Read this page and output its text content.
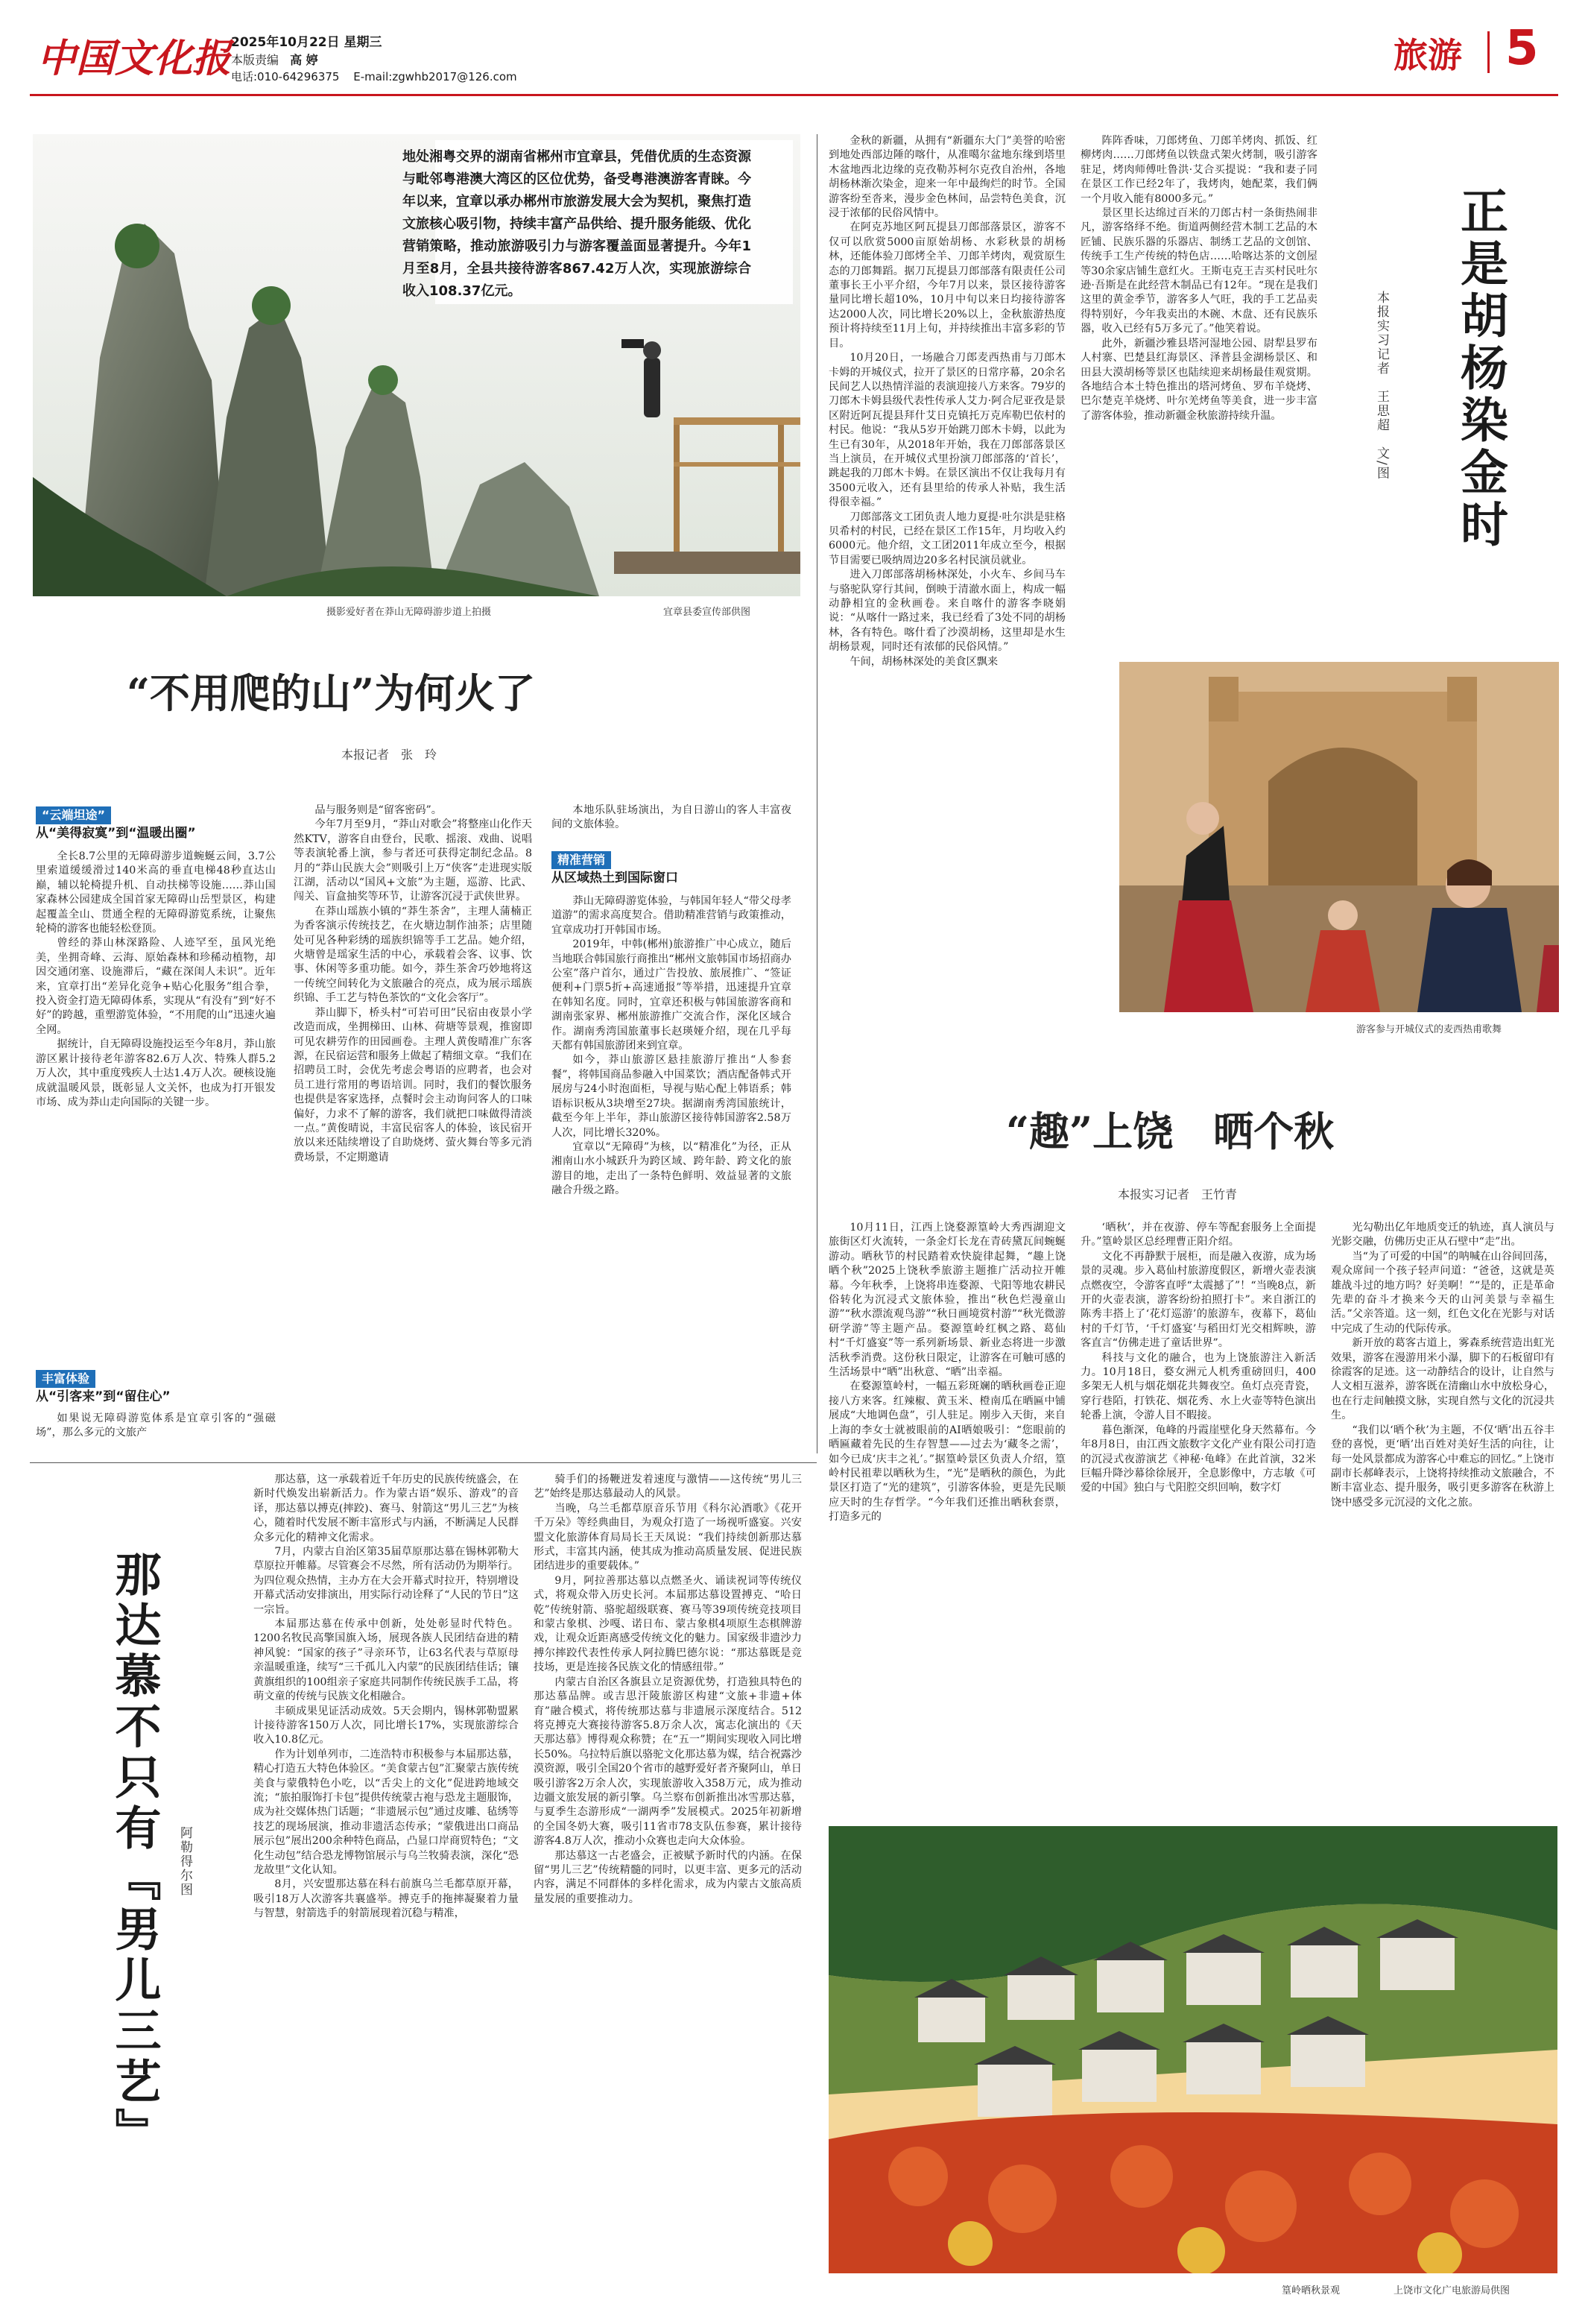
中国文化报 2025年10月22日 星期三
本版责编 高 婷
电话:010-64296375 E-mail:zgwhb2017@126.com
旅游 5
地处湘粤交界的湖南省郴州市宜章县，凭借优质的生态资源与毗邻粤港澳大湾区的区位优势，备受粤港澳游客青睐。今年以来，宜章以承办郴州市旅游发展大会为契机，聚焦打造文旅核心吸引物，持续丰富产品供给、提升服务能级、优化营销策略，推动旅游吸引力与游客覆盖面显著提升。今年1月至8月，全县共接待游客867.42万人次，实现旅游综合收入108.37亿元。
摄影爱好者在莽山无障碍游步道上拍摄	宜章县委宣传部供图
“不用爬的山”为何火了
本报记者　张　玲
“云端坦途”
从“美得寂寞”到“温暖出圈”

全长8.7公里的无障碍游步道蜿蜒云间，3.7公里索道缓缓滑过140米高的垂直电梯48秒直达山巅，辅以轮椅提升机、自动扶梯等设施……莽山国家森林公园建成全国首家无障碍山岳型景区，构建起覆盖全山、贯通全程的无障碍游览系统，让聚焦轮椅的游客也能轻松登顶。

曾经的莽山林深路险、人迹罕至，虽风光绝美，坐拥奇峰、云海、原始森林和珍稀动植物，却因交通闭塞、设施滞后，“藏在深闺人未识”。近年来，宜章打出“差异化竞争+贴心化服务”组合拳，投入资金打造无障碍体系，实现从“有没有”到“好不好”的跨越，重塑游览体验，“不用爬的山”迅速火遍全网。

据统计，自无障碍设施投运至今年8月，莽山旅游区累计接待老年游客82.6万人次、特殊人群5.2万人次，其中重度残疾人士达1.4万人次。硬核设施成就温暖风景，既彰显人文关怀，也成为打开银发市场、成为莽山走向国际的关键一步。

丰富体验
从“引客来”到“留住心”

如果说无障碍游览体系是宜章引客的“强磁场”，那么多元的文旅产

品与服务则是“留客密码”。

今年7月至9月，“莽山对歌会”将整座山化作天然KTV，游客自由登台，民歌、摇滚、戏曲、说唱等表演轮番上演，参与者还可获得定制纪念品。8月的“莽山民族大会”则吸引上万“侠客”走进现实版江湖，活动以“国风+文旅”为主题，巡游、比武、闯关、盲盒抽奖等环节，让游客沉浸于武侠世界。

在莽山瑶族小镇的“莽生茶舍”，主理人蒲楠正为香客演示传统技艺，在火塘边制作油茶；店里随处可见各种彩绣的瑶族织锦等手工艺品。她介绍，火塘曾是瑶家生活的中心，承载着会客、议事、饮事、休闲等多重功能。如今，莽生茶舍巧妙地将这一传统空间转化为文旅融合的亮点，成为展示瑶族织锦、手工艺与特色茶饮的“文化会客厅”。

莽山脚下，桥头村“可岩可田”民宿由夜景小学改造而成，坐拥梯田、山林、荷塘等景观，推窗即可见农耕劳作的田园画卷。主理人黄俊晴准广东客源，在民宿运营和服务上做起了精细文章。“我们在招聘员工时，会优先考虑会粤语的应聘者，也会对员工进行常用的粤语培训。同时，我们的餐饮服务也提供是客家选择，点餐时会主动询问客人的口味偏好，力求不了解的游客，我们就把口味做得清淡一点。”黄俊晴说，丰富民宿客人的体验，该民宿开放以来还陆续增设了自助烧烤、萤火舞台等多元消费场景，不定期邀请

本地乐队驻场演出，为自日游山的客人丰富夜间的文旅体验。

精准营销
从区域热土到国际窗口

莽山无障碍游览体验，与韩国年轻人“带父母孝道游”的需求高度契合。借助精准营销与政策推动，宜章成功打开韩国市场。

2019年，中韩(郴州)旅游推广中心成立，随后当地联合韩国旅行商推出“郴州文旅韩国市场招商办公室”落户首尔，通过广告投放、旅展推广、“签证便利+门票5折+高速通报”等举措，迅速提升宜章在韩知名度。同时，宜章还积极与韩国旅游客商和湖南张家界、郴州旅游推广交流合作，深化区域合作。湖南秀湾国旅董事长赵瑛娅介绍，现在几乎每天都有韩国旅游团来到宜章。

如今，莽山旅游区悬挂旅游厅推出“人参套餐”，将韩国商品参融入中国菜饮；酒店配备韩式开展房与24小时泡面柜，导视与贴心配上韩语系；韩语标识板从3块增至27块。据湖南秀湾国旅统计，截至今年上半年，莽山旅游区接待韩国游客2.58万人次，同比增长320%。

宜章以“无障碍”为核，以“精准化”为径，正从湘南山水小城跃升为跨区域、跨年龄、跨文化的旅游目的地，走出了一条特色鲜明、效益显著的文旅融合升级之路。

金秋的新疆，从拥有“新疆东大门”美誉的哈密到地处西部边陲的喀什，从准噶尔盆地东缘到塔里木盆地西北边缘的克孜勒苏柯尔克孜自治州，各地胡杨林渐次染金，迎来一年中最绚烂的时节。全国游客纷至沓来，漫步金色林间，品尝特色美食，沉浸于浓郁的民俗风情中。

在阿克苏地区阿瓦提县刀郎部落景区，游客不仅可以欣赏5000亩原始胡杨、水彩秋景的胡杨林，还能体验刀郎烤全羊、刀郎羊烤肉，观赏原生态的刀郎舞蹈。据刀瓦提县刀郎部落有限责任公司董事长王小平介绍，今年7月以来，景区接待游客量同比增长超10%，10月中旬以来日均接待游客达2000人次，同比增长20%以上，金秋旅游热度预计将持续至11月上旬，并持续推出丰富多彩的节目。

10月20日，一场融合刀郎麦西热甫与刀郎木卡姆的开城仪式，拉开了景区的日常序幕，20余名民间艺人以热情洋溢的表演迎接八方来客。79岁的刀郎木卡姆县级代表性传承人艾力·阿合尼亚孜是景区附近阿瓦提县拜什艾日克镇托万克库勒巴依村的村民。他说：“我从5岁开始跳刀郎木卡姆，以此为生已有30年，从2018年开始，我在刀郎部落景区当上演员，在开城仪式里扮演刀郎部落的‘首长’，跳起我的刀郎木卡姆。在景区演出不仅让我每月有3500元收入，还有县里给的传承人补贴，我生活得很幸福。”

刀郎部落文工团负责人地力夏提·吐尔洪是驻格贝希村的村民，已经在景区工作15年，月均收入约6000元。他介绍，文工团2011年成立至今，根据节目需要已吸纳周边20多名村民演员就业。

进入刀郎部落胡杨林深处，小火车、乡间马车与骆驼队穿行其间，倒映于清澈水面上，构成一幅动静相宜的金秋画卷。来自喀什的游客李晓娟说：“从喀什一路过来，我已经看了3处不同的胡杨林，各有特色。喀什看了沙漠胡杨，这里却是水生胡杨景观，同时还有浓郁的民俗风情。”

午间，胡杨林深处的美食区飘来

阵阵香味，刀郎烤鱼、刀郎羊烤肉、抓饭、红柳烤肉……刀郎烤鱼以铁盘式架火烤制，吸引游客驻足，烤肉师傅吐鲁洪·艾合买提说：“我和妻子同在景区工作已经2年了，我烤肉，她配菜，我们俩一个月收入能有8000多元。”

景区里长达绵过百米的刀郎古村一条街热闹非凡，游客络绎不绝。街道两侧经营木制工艺品的木匠铺、民族乐器的乐器店、制绣工艺品的文创馆、传统手工生产传统的特色店……哈喀达茶的文创屋等30余家店铺生意红火。王斯屯克王吉买村民吐尔逊·吾斯是在此经营木制品已有12年。“现在是我们这里的黄金季节，游客多人气旺，我的手工艺品卖得特别好，今年我卖出的木碗、木盘、还有民族乐器，收入已经有5万多元了。”他笑着说。

此外，新疆沙雅县塔河湿地公园、尉犁县罗布人村寨、巴楚县红海景区、泽普县金湖杨景区、和田县大漠胡杨等景区也陆续迎来胡杨最佳观赏期。各地结合本土特色推出的塔河烤鱼、罗布羊烧烤、巴尔楚克羊烧烤、叶尔羌烤鱼等美食，进一步丰富了游客体验，推动新疆金秋旅游持续升温。	本报实习记者　王思超　文/图 正是胡杨染金时
游客参与开城仪式的麦西热甫歌舞
“趣”上饶　晒个秋
本报实习记者　王竹青

10月11日，江西上饶婺源篁岭大秀西湖迎文旅街区灯火流转，一条金灯长龙在青砖黛瓦间蜿蜒游动。晒秋节的村民踏着欢快旋律起舞，“趣上饶 晒个秋”2025上饶秋季旅游主题推广活动拉开帷幕。今年秋季，上饶将串连婺源、弋阳等地农耕民俗转化为沉浸式文旅体验，推出“秋色烂漫童山游”“秋水漂流观鸟游”“秋日画境赏村游”“秋光微游研学游”等主题产品。婺源篁岭红枫之路、葛仙村“千灯盛宴”等一系列新场景、新业态将进一步激活秋季消费。这份秋日限定，让游客在可触可感的生活场景中“晒”出秋意、“晒”出幸福。

在婺源篁岭村，一幅五彩斑斓的晒秋画卷正迎接八方来客。红辣椒、黄玉米、橙南瓜在晒匾中铺展成“大地调色盘”，引人驻足。刚步入天街，来自上海的李女士就被眼前的AI晒娘吸引：“您眼前的晒匾藏着先民的生存智慧——过去为‘藏冬之需’，如今已成‘庆丰之礼’。”据篁岭景区负责人介绍，篁岭村民祖辈以晒秋为生，“光”是晒秋的颜色，为此景区打造了“光的建筑”，引游客体验，更是先民顺应天时的生存哲学。“今年我们还推出晒秋套票，打造多元的

‘晒秋’，并在夜游、停车等配套服务上全面提升。”篁岭景区总经理曹正阳介绍。

文化不再静默于展柜，而是融入夜游，成为场景的灵魂。步入葛仙村旅游度假区，新增火壶表演点燃夜空，令游客直呼“太震撼了”！“当晚8点，新开的火壶表演，游客纷纷拍照打卡”。来自浙江的陈秀丰搭上了‘花灯巡游’的旅游车，夜幕下，葛仙村的千灯节，‘千灯盛宴’与稻田灯光交相辉映，游客直言“仿佛走进了童话世界”。

科技与文化的融合，也为上饶旅游注入新活力。10月18日，婺女洲元人机秀重磅回归，400多架无人机与烟花烟花共舞夜空。鱼灯点亮青瓷，穿行巷陌，打铁花、烟花秀、水上火壶等特色演出轮番上演，令游人目不暇接。

暮色渐深，龟峰的丹霞崖壁化身天然幕布。今年8月8日，由江西文旅数字文化产业有限公司打造的沉浸式夜游演艺《神秘·龟峰》在此首演，32米巨幅升降沙幕徐徐展开，全息影像中，方志敏《可爱的中国》独白与弋阳腔交织回响，数字灯

光勾勒出亿年地质变迁的轨迹，真人演员与光影交融，仿佛历史正从石壁中“走”出。

当“为了可爱的中国”的呐喊在山谷间回荡，观众席间一个孩子轻声问道：“爸爸，这就是英雄战斗过的地方吗？好美啊！”“是的，正是革命先辈的奋斗才换来今天的山河美景与幸福生活。”父亲答道。这一刻，红色文化在光影与对话中完成了生动的代际传承。

新开放的葛客古道上，雾森系统营造出虹光效果，游客在漫游用米小瀑，脚下的石板留印有徐霞客的足迹。这一动静结合的设计，让自然与人文相互滋养，游客既在清幽山水中放松身心，也在行走间触摸文脉，实现自然与文化的沉浸共生。

“我们以‘晒个秋’为主题，不仅‘晒’出五谷丰登的喜悦，更‘晒’出百姓对美好生活的向往，让每一处风景都成为游客心中难忘的回忆。”上饶市副市长郝峰表示，上饶将持续推动文旅融合，不断丰富业态、提升服务，吸引更多游客在秋游上饶中感受多元沉浸的文化之旅。

篁岭晒秋景观	上饶市文化广电旅游局供图
那达慕不只有『男儿三艺』	阿勒得尔图

那达慕，这一承载着近千年历史的民族传统盛会，在新时代焕发出崭新活力。作为蒙古语“娱乐、游戏”的音译，那达慕以搏克(摔跤)、赛马、射箭这“男儿三艺”为核心，随着时代发展不断丰富形式与内涵，不断满足人民群众多元化的精神文化需求。

7月，内蒙古自治区第35届草原那达慕在锡林郭勒大草原拉开帷幕。尽管赛会不尽然，所有活动仍为期举行。为四位观众热情，主办方在大会开幕式时拉开，特别增设开幕式活动安排演出，用实际行动诠释了“人民的节日”这一宗旨。

本届那达慕在传承中创新，处处彰显时代特色。1200名牧民高擎国旗入场，展现各族人民团结奋进的精神风貌：“国家的孩子”寻亲环节，让63名代表与草原母亲温暖重逢，续写“三千孤儿入内蒙”的民族团结佳话；镶黄旗组织的100组亲子家庭共同制作传统民族手工品，将萌文童的传统与民族文化相融合。

丰硕成果见证活动成效。5天会期内，锡林郭勒盟累计接待游客150万人次，同比增长17%，实现旅游综合收入10.8亿元。

作为计划单列市，二连浩特市积极参与本届那达慕，精心打造五大特色体验区。“美食蒙古包”汇聚蒙古族传统美食与蒙俄特色小吃，以“舌尖上的文化”促进跨地域交流；“旅拍服饰打卡包”提供传统蒙古袍与恐龙主题服饰，成为社交媒体热门话题；“非遗展示包”通过皮雕、毡绣等技艺的现场展演，推动非遗活态传承；“蒙俄进出口商品展示包”展出200余种特色商品，凸显口岸商贸特色；“文化生动包”结合恐龙博物馆展示与乌兰牧骑表演，深化“恐龙故里”文化认知。

8月，兴安盟那达慕在科右前旗乌兰毛都草原开幕，吸引18万人次游客共襄盛举。搏克手的拖摔凝聚着力量与智慧，射箭选手的射箭展现着沉稳与精准，

骑手们的扬鞭迸发着速度与激情——这传统“男儿三艺”始终是那达慕最动人的风景。

当晚，乌兰毛都草原音乐节用《科尔沁酒歌》《花开千万朵》等经典曲目，为观众打造了一场视听盛宴。兴安盟文化旅游体育局局长王天凤说：“我们持续创新那达慕形式，丰富其内涵，使其成为推动高质量发展、促进民族团结进步的重要载体。”

9月，阿拉善那达慕以点燃圣火、诵读祝词等传统仪式，将观众带入历史长河。本届那达慕设置搏克、“哈日乾”传统射箭、骆驼超级联赛、赛马等39项传统竞技项目和蒙古象棋、沙嘎、诺日布、蒙古象棋4项原生态棋牌游戏，让观众近距离感受传统文化的魅力。国家级非遗沙力搏尔摔跤代表性传承人阿拉腾巴德尔说：“那达慕既是竞技场，更是连接各民族文化的情感纽带。”

内蒙古自治区各旗县立足资源优势，打造独具特色的那达慕品牌。或吉思汗陵旅游区构建“文旅+非遗+体育”融合模式，将传统那达慕与非遗展示深度结合。512将克搏克大赛接待游客5.8万余人次，寓志化演出的《天天那达慕》博得观众称赞；在“五一”期间实现收入同比增长50%。乌拉特后旗以骆驼文化那达慕为媒，结合祝露沙漠资源，吸引全国20个省市的越野爱好者齐聚阿山，单日吸引游客2万余人次，实现旅游收入358万元，成为推动边疆文旅发展的新引擎。乌兰察布创新推出冰雪那达慕，与夏季生态游形成“一湖两季”发展模式。2025年初新增的全国冬奶大赛，吸引11省市78支队伍参赛，累计接待游客4.8万人次，推动小众赛也走向大众体验。

那达慕这一古老盛会，正被赋予新时代的内涵。在保留“男儿三艺”传统精髓的同时，以更丰富、更多元的活动内容，满足不同群体的多样化需求，成为内蒙古文旅高质量发展的重要推动力。
